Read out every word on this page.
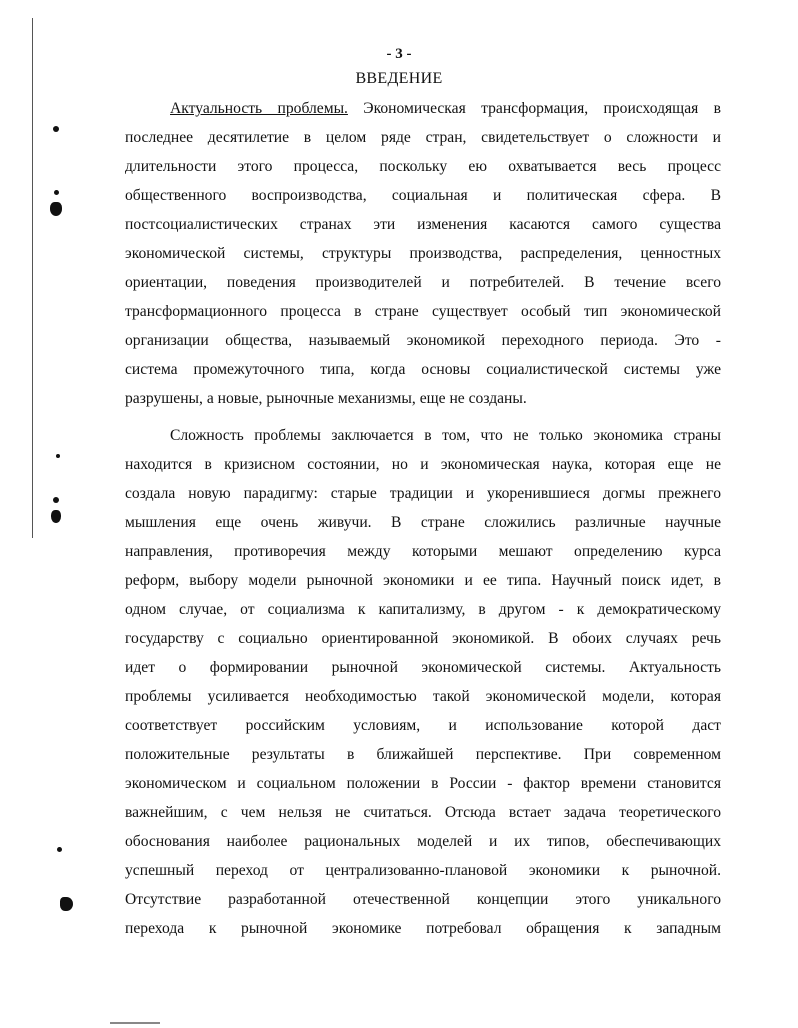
- 3 -
ВВЕДЕНИЕ
Актуальность проблемы. Экономическая трансформация, происходящая в
последнее десятилетие в целом ряде стран, свидетельствует о сложности и
длительности этого процесса, поскольку ею охватывается весь процесс
общественного воспроизводства, социальная и политическая сфера. В
постсоциалистических странах эти изменения касаются самого существа
экономической системы, структуры производства, распределения, ценностных
ориентации, поведения производителей и потребителей. В течение всего
трансформационного процесса в стране существует особый тип экономической
организации общества, называемый экономикой переходного периода. Это -
система промежуточного типа, когда основы социалистической системы уже
разрушены, а новые, рыночные механизмы, еще не созданы.
Сложность проблемы заключается в том, что не только экономика страны
находится в кризисном состоянии, но и экономическая наука, которая еще не
создала новую парадигму: старые традиции и укоренившиеся догмы прежнего
мышления еще очень живучи. В стране сложились различные научные
направления, противоречия между которыми мешают определению курса
реформ, выбору модели рыночной экономики и ее типа. Научный поиск идет, в
одном случае, от социализма к капитализму, в другом - к демократическому
государству с социально ориентированной экономикой. В обоих случаях речь
идет о формировании рыночной экономической системы. Актуальность
проблемы усиливается необходимостью такой экономической модели, которая
соответствует российским условиям, и использование которой даст
положительные результаты в ближайшей перспективе. При современном
экономическом и социальном положении в России - фактор времени становится
важнейшим, с чем нельзя не считаться. Отсюда встает задача теоретического
обоснования наиболее рациональных моделей и их типов, обеспечивающих
успешный переход от централизованно-плановой экономики к рыночной.
Отсутствие разработанной отечественной концепции этого уникального
перехода к рыночной экономике потребовал обращения к западным
